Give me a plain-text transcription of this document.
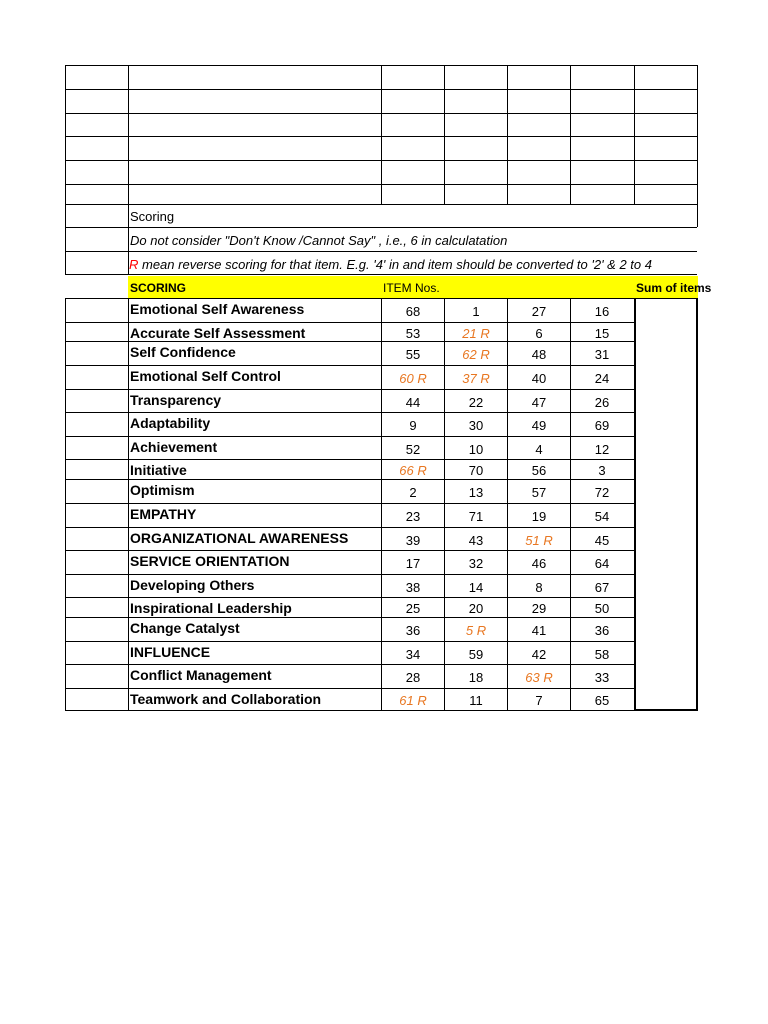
Scoring
Do not consider "Don't Know /Cannot Say" , i.e., 6 in calculatation
R mean reverse scoring for that item. E.g. '4' in and item should be converted to '2' & 2 to 4
SCORING	ITEM Nos.	Sum of items
Emotional Self Awareness	68	1	27	16
Accurate Self Assessment	53	21 R	6	15
Self Confidence	55	62 R	48	31
Emotional Self Control	60 R	37 R	40	24
Transparency	44	22	47	26
Adaptability	9	30	49	69
Achievement	52	10	4	12
Initiative	66 R	70	56	3
Optimism	2	13	57	72
EMPATHY	23	71	19	54
ORGANIZATIONAL AWARENESS	39	43	51 R	45
SERVICE ORIENTATION	17	32	46	64
Developing Others	38	14	8	67
Inspirational Leadership	25	20	29	50
Change Catalyst	36	5 R	41	36
INFLUENCE	34	59	42	58
Conflict Management	28	18	63 R	33
Teamwork and Collaboration	61 R	11	7	65
